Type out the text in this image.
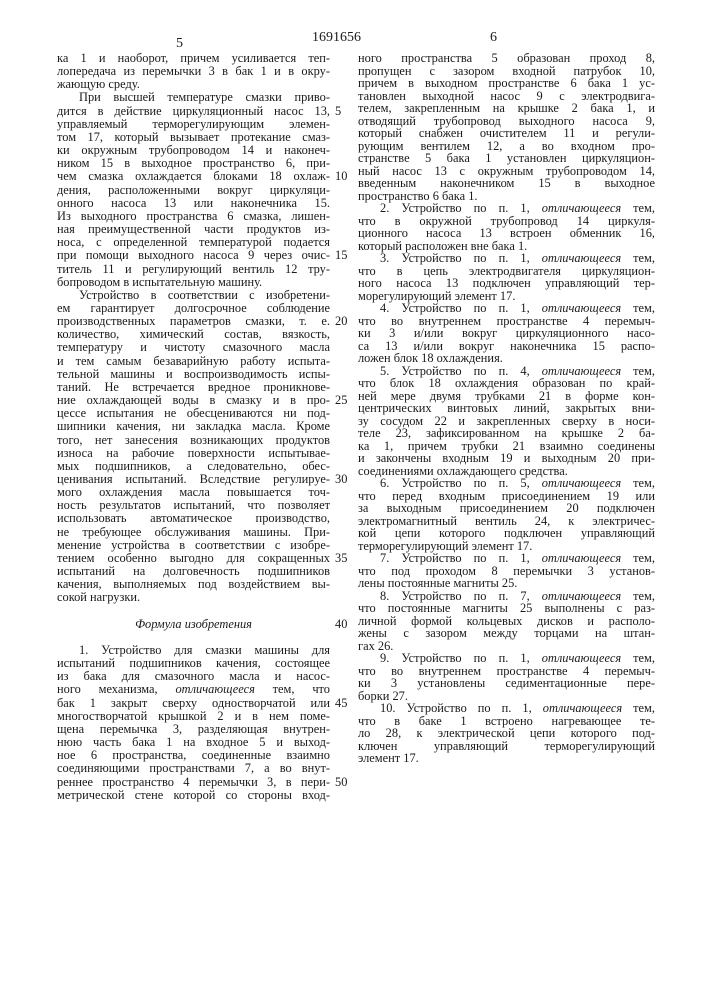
5	1691656	6
ка 1 и наоборот, причем усиливается теп-
лопередача из перемычки 3 в бак 1 и в окру-
жающую среду.
При высшей температуре смазки приво-
дится в действие циркуляционный насос 13, 5
управляемый терморегулирующим элемен-
том 17, который вызывает протекание смаз-
ки окружным трубопроводом 14 и наконеч-
ником 15 в выходное пространство 6, при-
чем смазка охлаждается блоками 18 охлаж- 10
дения, расположенными вокруг циркуляци-
онного насоса 13 или наконечника 15.
Из выходного пространства 6 смазка, лишен-
ная преимущественной части продуктов из-
носа, с определенной температурой подается
при помощи выходного насоса 9 через очис- 15
титель 11 и регулирующий вентиль 12 тру-
бопроводом в испытательную машину.
Устройство в соответствии с изобретени-
ем гарантирует долгосрочное соблюдение
производственных параметров смазки, т. е. 20
количество, химический состав, вязкость,
температуру и чистоту смазочного масла
и тем самым безаварийную работу испыта-
тельной машины и воспроизводимость испы-
таний. Не встречается вредное проникнове-
ние охлаждающей воды в смазку и в про- 25
цессе испытания не обесцениваются ни под-
шипники качения, ни закладка масла. Кроме
того, нет занесения возникающих продуктов
износа на рабочие поверхности испытывае-
мых подшипников, а следовательно, обес-
ценивания испытаний. Вследствие регулируе- 30
мого охлаждения масла повышается точ-
ность результатов испытаний, что позволяет
использовать автоматическое производство,
не требующее обслуживания машины. При-
менение устройства в соответствии с изобре-
тением особенно выгодно для сокращенных 35
испытаний на долговечность подшипников
качения, выполняемых под воздействием вы-
сокой нагрузки.
Формула изобретения	40
1. Устройство для смазки машины для
испытаний подшипников качения, состоящее
из бака для смазочного масла и насос-
ного механизма, отличающееся тем, что
бак 1 закрыт сверху одностворчатой или 45
многостворчатой крышкой 2 и в нем поме-
щена перемычка 3, разделяющая внутрен-
нюю часть бака 1 на входное 5 и выход-
ное 6 пространства, соединенные взаимно
соединяющими пространствами 7, а во внут-
реннее пространство 4 перемычки 3, в пери- 50
метрической стене которой со стороны вход-
ного пространства 5 образован проход 8,
пропущен с зазором входной патрубок 10,
причем в выходном пространстве 6 бака 1 ус-
тановлен выходной насос 9 с электродвига-
телем, закрепленным на крышке 2 бака 1, и
отводящий трубопровод выходного насоса 9,
который снабжен очистителем 11 и регули-
рующим вентилем 12, а во входном про-
странстве 5 бака 1 установлен циркуляцион-
ный насос 13 с окружным трубопроводом 14,
введенным наконечником 15 в выходное
пространство 6 бака 1.
2. Устройство по п. 1, отличающееся тем,
что в окружной трубопровод 14 циркуля-
ционного насоса 13 встроен обменник 16,
который расположен вне бака 1.
3. Устройство по п. 1, отличающееся тем,
что в цепь электродвигателя циркуляцион-
ного насоса 13 подключен управляющий тер-
морегулирующий элемент 17.
4. Устройство по п. 1, отличающееся тем,
что во внутреннем пространстве 4 перемыч-
ки 3 и/или вокруг циркуляционного насо-
са 13 и/или вокруг наконечника 15 распо-
ложен блок 18 охлаждения.
5. Устройство по п. 4, отличающееся тем,
что блок 18 охлаждения образован по край-
ней мере двумя трубками 21 в форме кон-
центрических винтовых линий, закрытых вни-
зу сосудом 22 и закрепленных сверху в носи-
теле 23, зафиксированном на крышке 2 ба-
ка 1, причем трубки 21 взаимно соединены
и закончены входным 19 и выходным 20 при-
соединениями охлаждающего средства.
6. Устройство по п. 5, отличающееся тем,
что перед входным присоединением 19 или
за выходным присоединением 20 подключен
электромагнитный вентиль 24, к электричес-
кой цепи которого подключен управляющий
терморегулирующий элемент 17.
7. Устройство по п. 1, отличающееся тем,
что под проходом 8 перемычки 3 установ-
лены постоянные магниты 25.
8. Устройство по п. 7, отличающееся тем,
что постоянные магниты 25 выполнены с раз-
личной формой кольцевых дисков и располо-
жены с зазором между торцами на штан-
гах 26.
9. Устройство по п. 1, отличающееся тем,
что во внутреннем пространстве 4 перемыч-
ки 3 установлены седиментационные пере-
борки 27.
10. Устройство по п. 1, отличающееся тем,
что в баке 1 встроено нагревающее те-
ло 28, к электрической цепи которого под-
ключен управляющий терморегулирующий
элемент 17.
